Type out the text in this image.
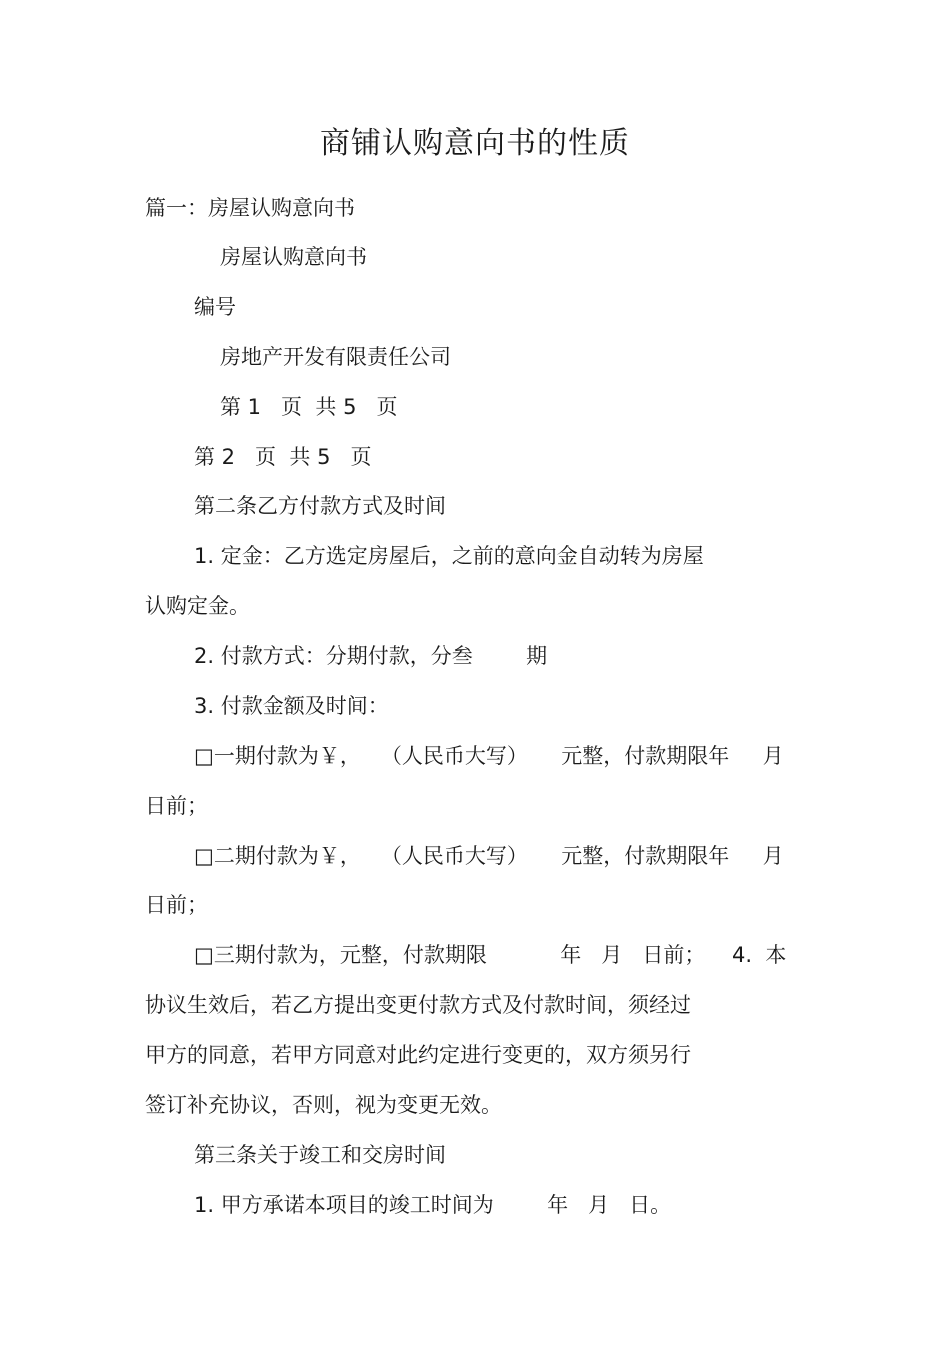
商铺认购意向书的性质

篇一：房屋认购意向书

房屋认购意向书

编号

房地产开发有限责任公司

第 1   页  共 5   页

第 2   页  共 5   页

第二条乙方付款方式及时间

1. 定金：乙方选定房屋后，之前的意向金自动转为房屋

认购定金。

2. 付款方式：分期付款，分叁        期

3. 付款金额及时间：

□一期付款为￥，   （人民币大写）     元整，付款期限年     月

日前；

□二期付款为￥，   （人民币大写）     元整，付款期限年     月

日前；

□三期付款为，元整，付款期限           年   月   日前；    4.  本

协议生效后，若乙方提出变更付款方式及付款时间，须经过

甲方的同意，若甲方同意对此约定进行变更的，双方须另行

签订补充协议，否则，视为变更无效。

第三条关于竣工和交房时间

1. 甲方承诺本项目的竣工时间为        年   月   日。
